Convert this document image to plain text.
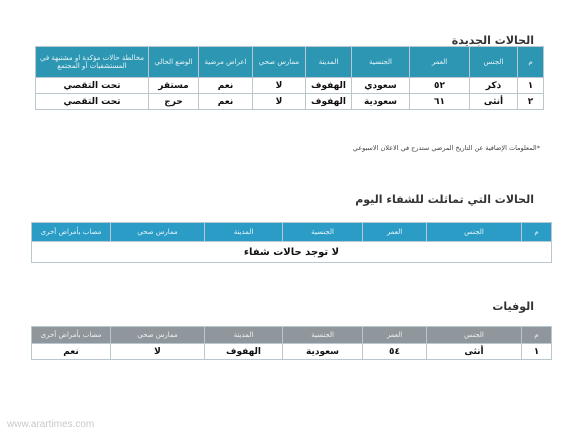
الحالات الجديدة
م	الجنس	العمر	الجنسية	المدينة	ممارس صحي	اعراض مرضية	الوضع الحالي	مخالطة حالات مؤكدة او مشتبهة في المستشفيات أو المجتمع
١	ذكر	٥٢	سعودي	الهفوف	لا	نعم	مستقر	تحت التقصي
٢	أنثى	٦١	سعودية	الهفوف	لا	نعم	حرج	تحت التقصي
*المعلومات الإضافية عن التاريخ المرضي ستدرج في الاعلان الاسبوعي
الحالات التي تماثلت للشفاء اليوم
م	الجنس	العمر	الجنسية	المدينة	ممارس صحي	مصاب بأمراض أخرى
لا توجد حالات شفاء
الوفيات
م	الجنس	العمر	الجنسية	المدينة	ممارس صحي	مصاب بأمراض أخرى
١	أنثى	٥٤	سعودية	الهفوف	لا	نعم
www.arartimes.com
